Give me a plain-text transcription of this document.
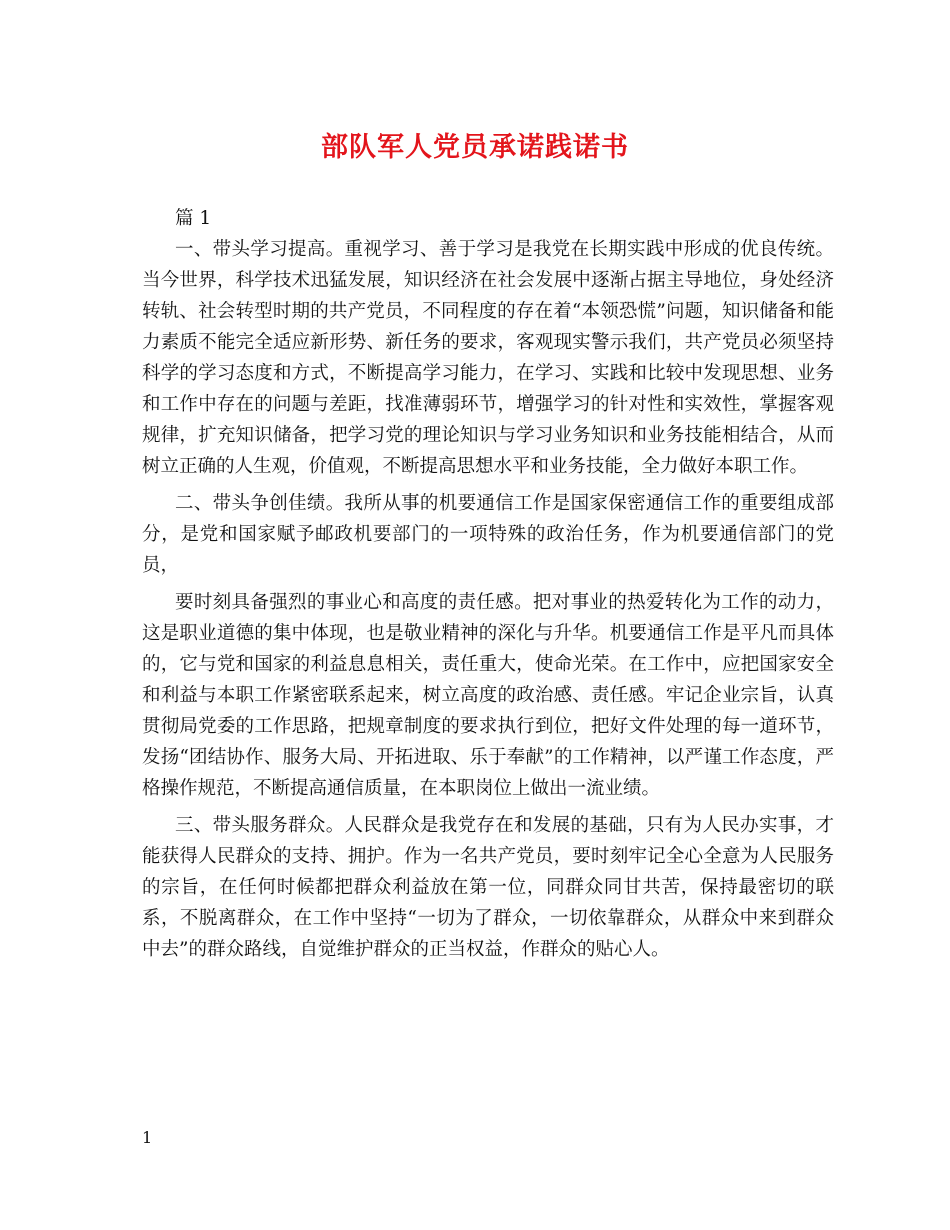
部队军人党员承诺践诺书

篇 1

一、带头学习提高。重视学习、善于学习是我党在长期实践中形成的优良传统。当今世界，科学技术迅猛发展，知识经济在社会发展中逐渐占据主导地位，身处经济转轨、社会转型时期的共产党员，不同程度的存在着“本领恐慌”问题，知识储备和能力素质不能完全适应新形势、新任务的要求，客观现实警示我们，共产党员必须坚持科学的学习态度和方式，不断提高学习能力，在学习、实践和比较中发现思想、业务和工作中存在的问题与差距，找准薄弱环节，增强学习的针对性和实效性，掌握客观规律，扩充知识储备，把学习党的理论知识与学习业务知识和业务技能相结合，从而树立正确的人生观，价值观，不断提高思想水平和业务技能，全力做好本职工作。

二、带头争创佳绩。我所从事的机要通信工作是国家保密通信工作的重要组成部分，是党和国家赋予邮政机要部门的一项特殊的政治任务，作为机要通信部门的党员，

要时刻具备强烈的事业心和高度的责任感。把对事业的热爱转化为工作的动力，这是职业道德的集中体现，也是敬业精神的深化与升华。机要通信工作是平凡而具体的，它与党和国家的利益息息相关，责任重大，使命光荣。在工作中，应把国家安全和利益与本职工作紧密联系起来，树立高度的政治感、责任感。牢记企业宗旨，认真贯彻局党委的工作思路，把规章制度的要求执行到位，把好文件处理的每一道环节，发扬“团结协作、服务大局、开拓进取、乐于奉献”的工作精神，以严谨工作态度，严格操作规范，不断提高通信质量，在本职岗位上做出一流业绩。

三、带头服务群众。人民群众是我党存在和发展的基础，只有为人民办实事，才能获得人民群众的支持、拥护。作为一名共产党员，要时刻牢记全心全意为人民服务的宗旨，在任何时候都把群众利益放在第一位，同群众同甘共苦，保持最密切的联系，不脱离群众，在工作中坚持“一切为了群众，一切依靠群众，从群众中来到群众中去”的群众路线，自觉维护群众的正当权益，作群众的贴心人。

1
